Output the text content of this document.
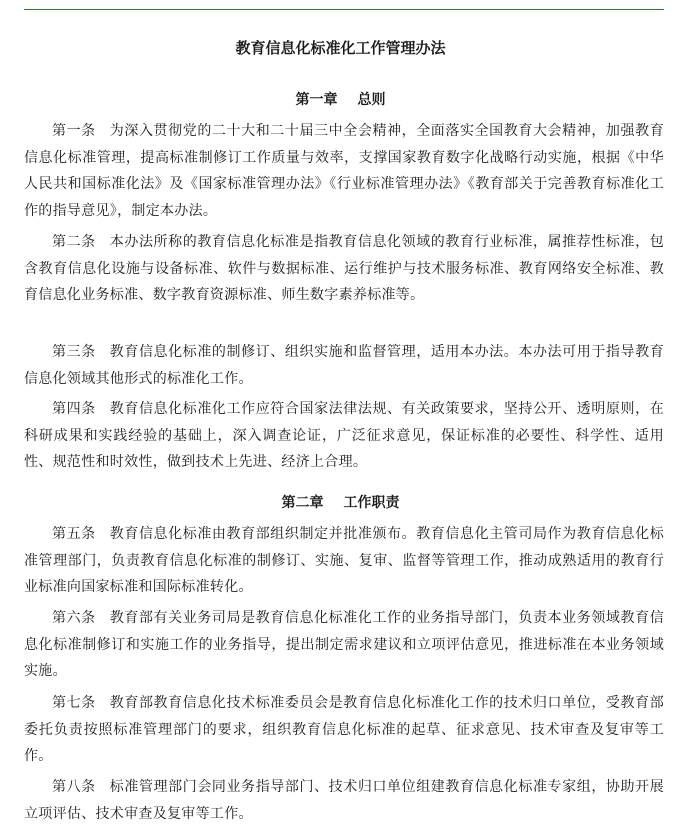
教育信息化标准化工作管理办法
第一章 总则

第一条 为深入贯彻党的二十大和二十届三中全会精神，全面落实全国教育大会精神，加强教育信息化标准管理，提高标准制修订工作质量与效率，支撑国家教育数字化战略行动实施，根据《中华人民共和国标准化法》及《国家标准管理办法》《行业标准管理办法》《教育部关于完善教育标准化工作的指导意见》，制定本办法。

第二条 本办法所称的教育信息化标准是指教育信息化领域的教育行业标准，属推荐性标准，包含教育信息化设施与设备标准、软件与数据标准、运行维护与技术服务标准、教育网络安全标准、教育信息化业务标准、数字教育资源标准、师生数字素养标准等。

第三条 教育信息化标准的制修订、组织实施和监督管理，适用本办法。本办法可用于指导教育信息化领域其他形式的标准化工作。

第四条 教育信息化标准化工作应符合国家法律法规、有关政策要求，坚持公开、透明原则，在科研成果和实践经验的基础上，深入调查论证，广泛征求意见，保证标准的必要性、科学性、适用性、规范性和时效性，做到技术上先进、经济上合理。

第二章 工作职责

第五条 教育信息化标准由教育部组织制定并批准颁布。教育信息化主管司局作为教育信息化标准管理部门，负责教育信息化标准的制修订、实施、复审、监督等管理工作，推动成熟适用的教育行业标准向国家标准和国际标准转化。

第六条 教育部有关业务司局是教育信息化标准化工作的业务指导部门，负责本业务领域教育信息化标准制修订和实施工作的业务指导，提出制定需求建议和立项评估意见，推进标准在本业务领域实施。

第七条 教育部教育信息化技术标准委员会是教育信息化标准化工作的技术归口单位，受教育部委托负责按照标准管理部门的要求，组织教育信息化标准的起草、征求意见、技术审查及复审等工作。

第八条 标准管理部门会同业务指导部门、技术归口单位组建教育信息化标准专家组，协助开展立项评估、技术审查及复审等工作。
